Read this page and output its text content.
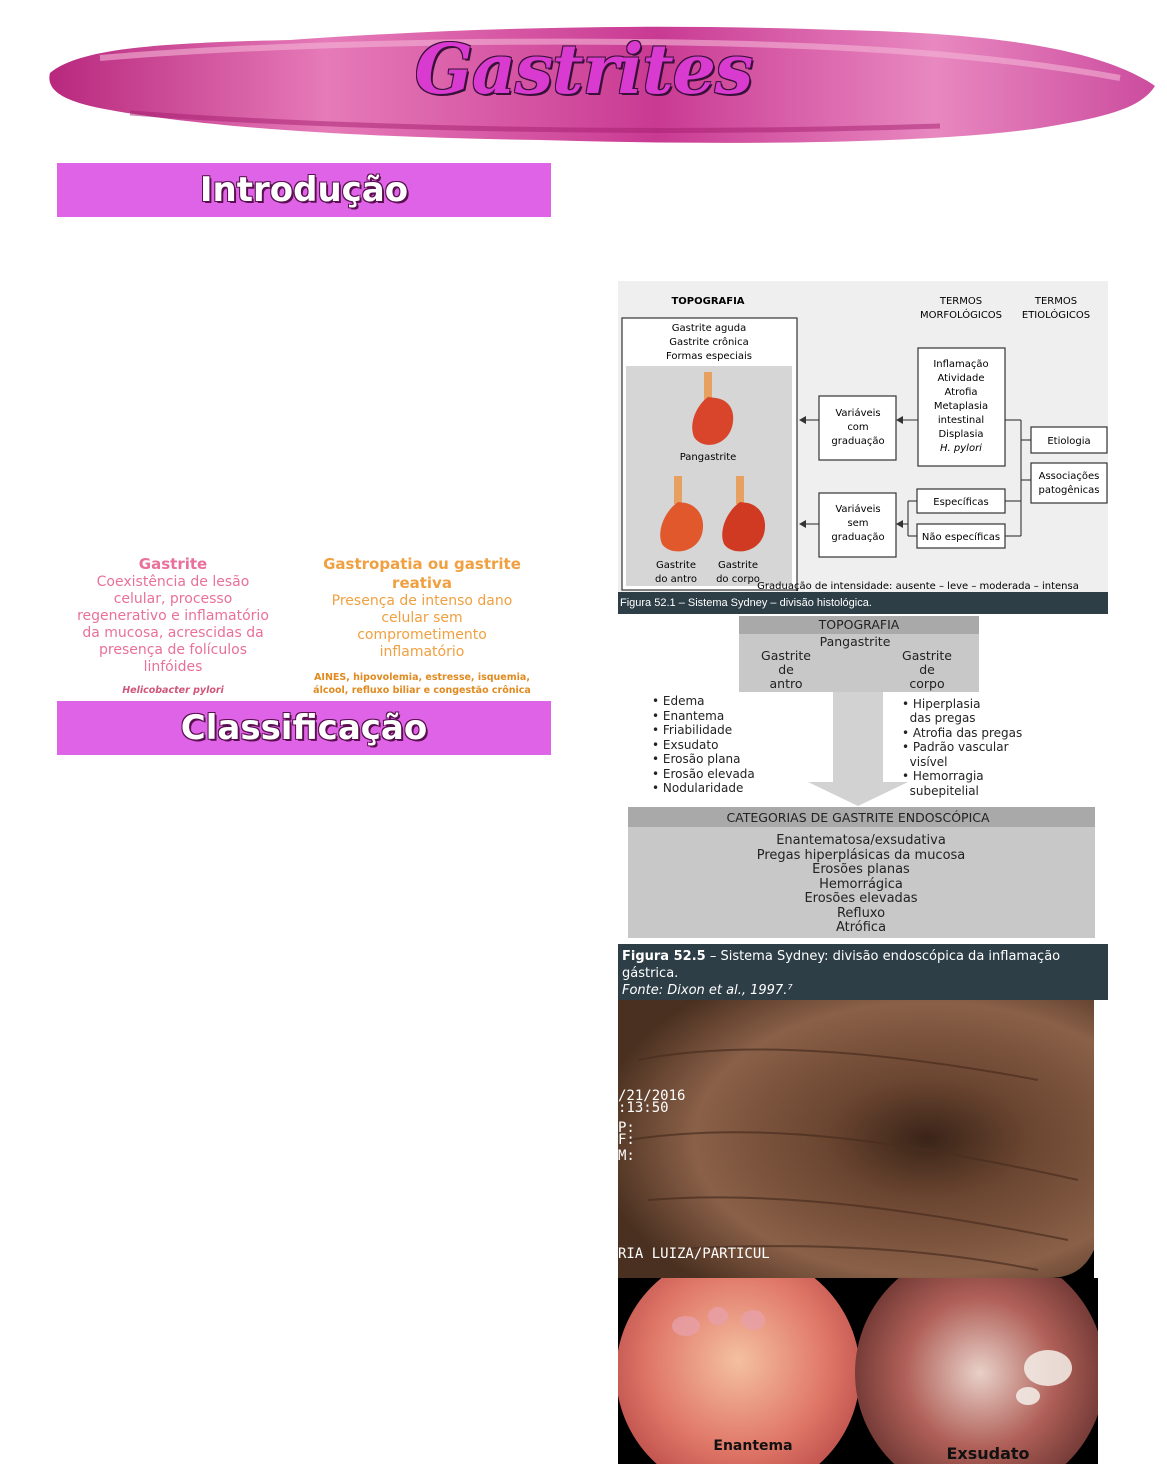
Gastrites
Introdução
Gastrite
Coexistência de lesão
celular, processo
regenerativo e inflamatório
da mucosa, acrescidas da
presença de folículos
linfóides
Helicobacter pylori
Gastropatia ou gastrite
reativa
Presença de intenso dano
celular sem
comprometimento
inflamatório
AINES, hipovolemia, estresse, isquemia,
álcool, refluxo biliar e congestão crônica
Classificação
TOPOGRAFIA	TERMOS
MORFOLÓGICOS
TERMOS
ETIOLÓGICOS
Gastrite aguda
Gastrite crônica
Formas especiais
Pangastrite
Gastrite
do antro
Gastrite
do corpo
Variáveis
com
graduação
Variáveis
sem
graduação
Inflamação
Atividade
Atrofia
Metaplasia
intestinal
Displasia
H. pylori
Específicas
Não específicas
Etiologia
Associações
patogênicas
Graduação de intensidade: ausente – leve – moderada – intensa
Figura 52.1 – Sistema Sydney – divisão histológica.
TOPOGRAFIA
Pangastrite
Gastrite
de
antro
Gastrite
de
corpo
• Edema
• Enantema
• Friabilidade
• Exsudato
• Erosão plana
• Erosão elevada
• Nodularidade
• Hiperplasia
das pregas
• Atrofia das pregas
• Padrão vascular
visível
• Hemorragia
subepitelial
CATEGORIAS DE GASTRITE ENDOSCÓPICA
Enantematosa/exsudativa
Pregas hiperplásicas da mucosa
Erosões planas
Hemorrágica
Erosões elevadas
Refluxo
Atrófica
Figura 52.5 – Sistema Sydney: divisão endoscópica da inflamação gástrica.
Fonte: Dixon et al., 1997.⁷
/21/2016
:13:50
P:
F:
M:
RIA LUIZA/PARTICUL
Enantema	Exsudato
